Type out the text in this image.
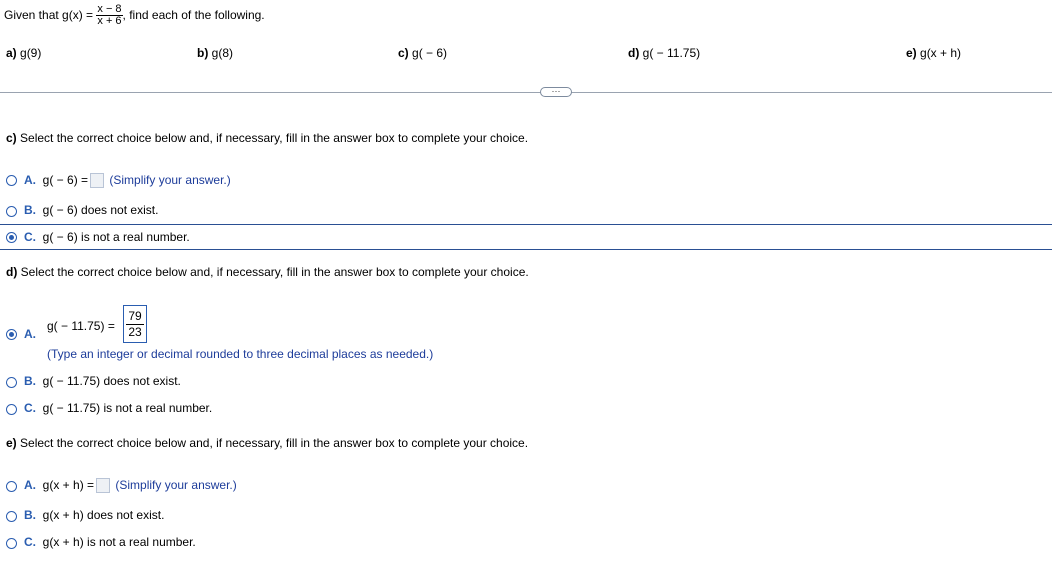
Given that $g(x) = \frac{x - 8}{x + 6}$ , find each of the following.
a) g(9)	b) g(8)	c) g( − 6)	d) g( − 11.75)	e) g(x + h)
···
c) Select the correct choice below and, if necessary, fill in the answer box to complete your choice.
A. g( − 6) = (Simplify your answer.)
B. g( − 6) does not exist.
C. g( − 6) is not a real number.
d) Select the correct choice below and, if necessary, fill in the answer box to complete your choice.
A.
$g( - 11.75) = \frac{79}{23}$
(Type an integer or decimal rounded to three decimal places as needed.)
B. g( − 11.75) does not exist.
C. g( − 11.75) is not a real number.
e) Select the correct choice below and, if necessary, fill in the answer box to complete your choice.
A. g(x + h) = (Simplify your answer.)
B. g(x + h) does not exist.
C. g(x + h) is not a real number.
